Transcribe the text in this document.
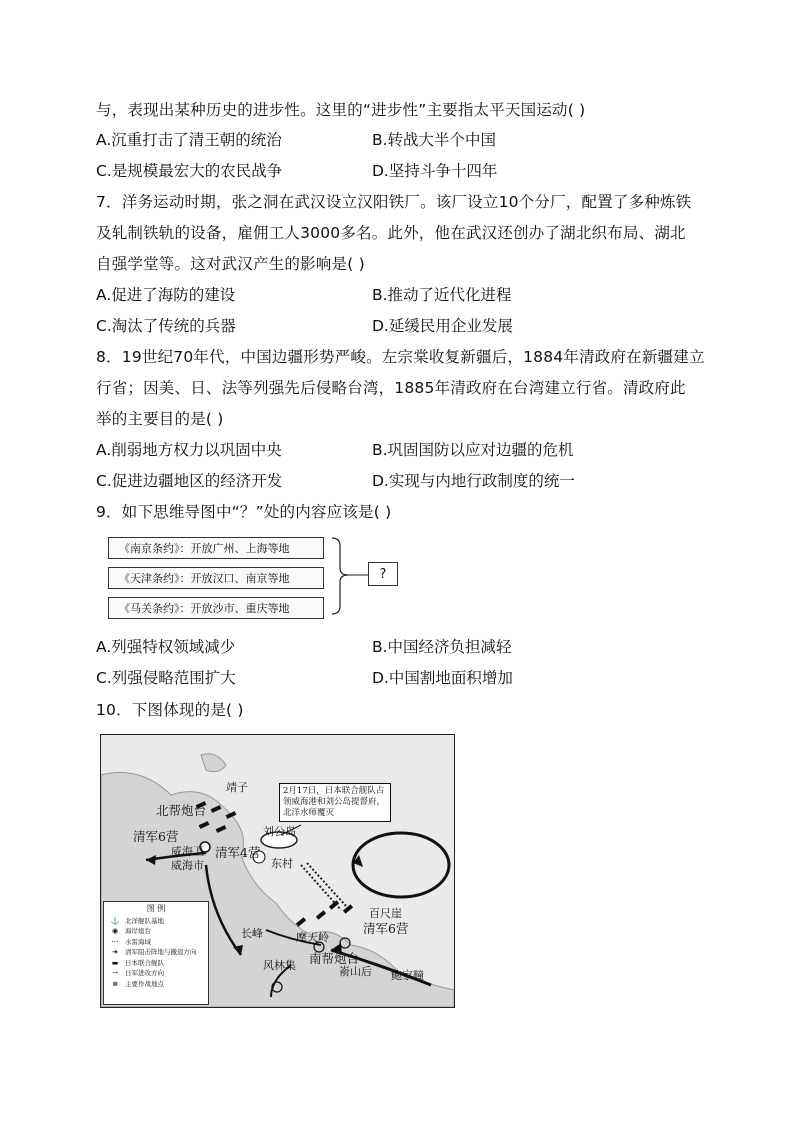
与，表现出某种历史的进步性。这里的“进步性”主要指太平天国运动( )
A.沉重打击了清王朝的统治	B.转战大半个中国
C.是规模最宏大的农民战争	D.坚持斗争十四年
7．洋务运动时期，张之洞在武汉设立汉阳铁厂。该厂设立10个分厂，配置了多种炼铁
及轧制铁轨的设备，雇佣工人3000多名。此外，他在武汉还创办了湖北织布局、湖北
自强学堂等。这对武汉产生的影响是( )
A.促进了海防的建设	B.推动了近代化进程
C.淘汰了传统的兵器	D.延缓民用企业发展
8．19世纪70年代，中国边疆形势严峻。左宗棠收复新疆后，1884年清政府在新疆建立
行省；因美、日、法等列强先后侵略台湾，1885年清政府在台湾建立行省。清政府此
举的主要目的是( )
A.削弱地方权力以巩固中央	B.巩固国防以应对边疆的危机
C.促进边疆地区的经济开发	D.实现与内地行政制度的统一
9．如下思维导图中“？”处的内容应该是( )
《南京条约》：开放广州、上海等地
《天津条约》：开放汉口、南京等地
《马关条约》：开放沙市、重庆等地
?
A.列强特权领域减少	B.中国经济负担减轻
C.列强侵略范围扩大	D.中国割地面积增加
10．下图体现的是( )
2月17日，日本联合舰队占领威海港和刘公岛提督府，北洋水师覆灭
靖子
北帮炮台
清军6营
威海卫
威海市
清军4营
刘公岛
东村
百尺崖
清军6营
长峰	摩天岭
风林集 南帮炮台
嵛山后 鲍家疃
图 例
⚓ 北洋舰队基地
◉	海岸炮台
⋯	水雷海域
➜	清军阻击阵地与撤退方向
▬	日本联合舰队
→	日军进攻方向
⊗	主要作战地点
